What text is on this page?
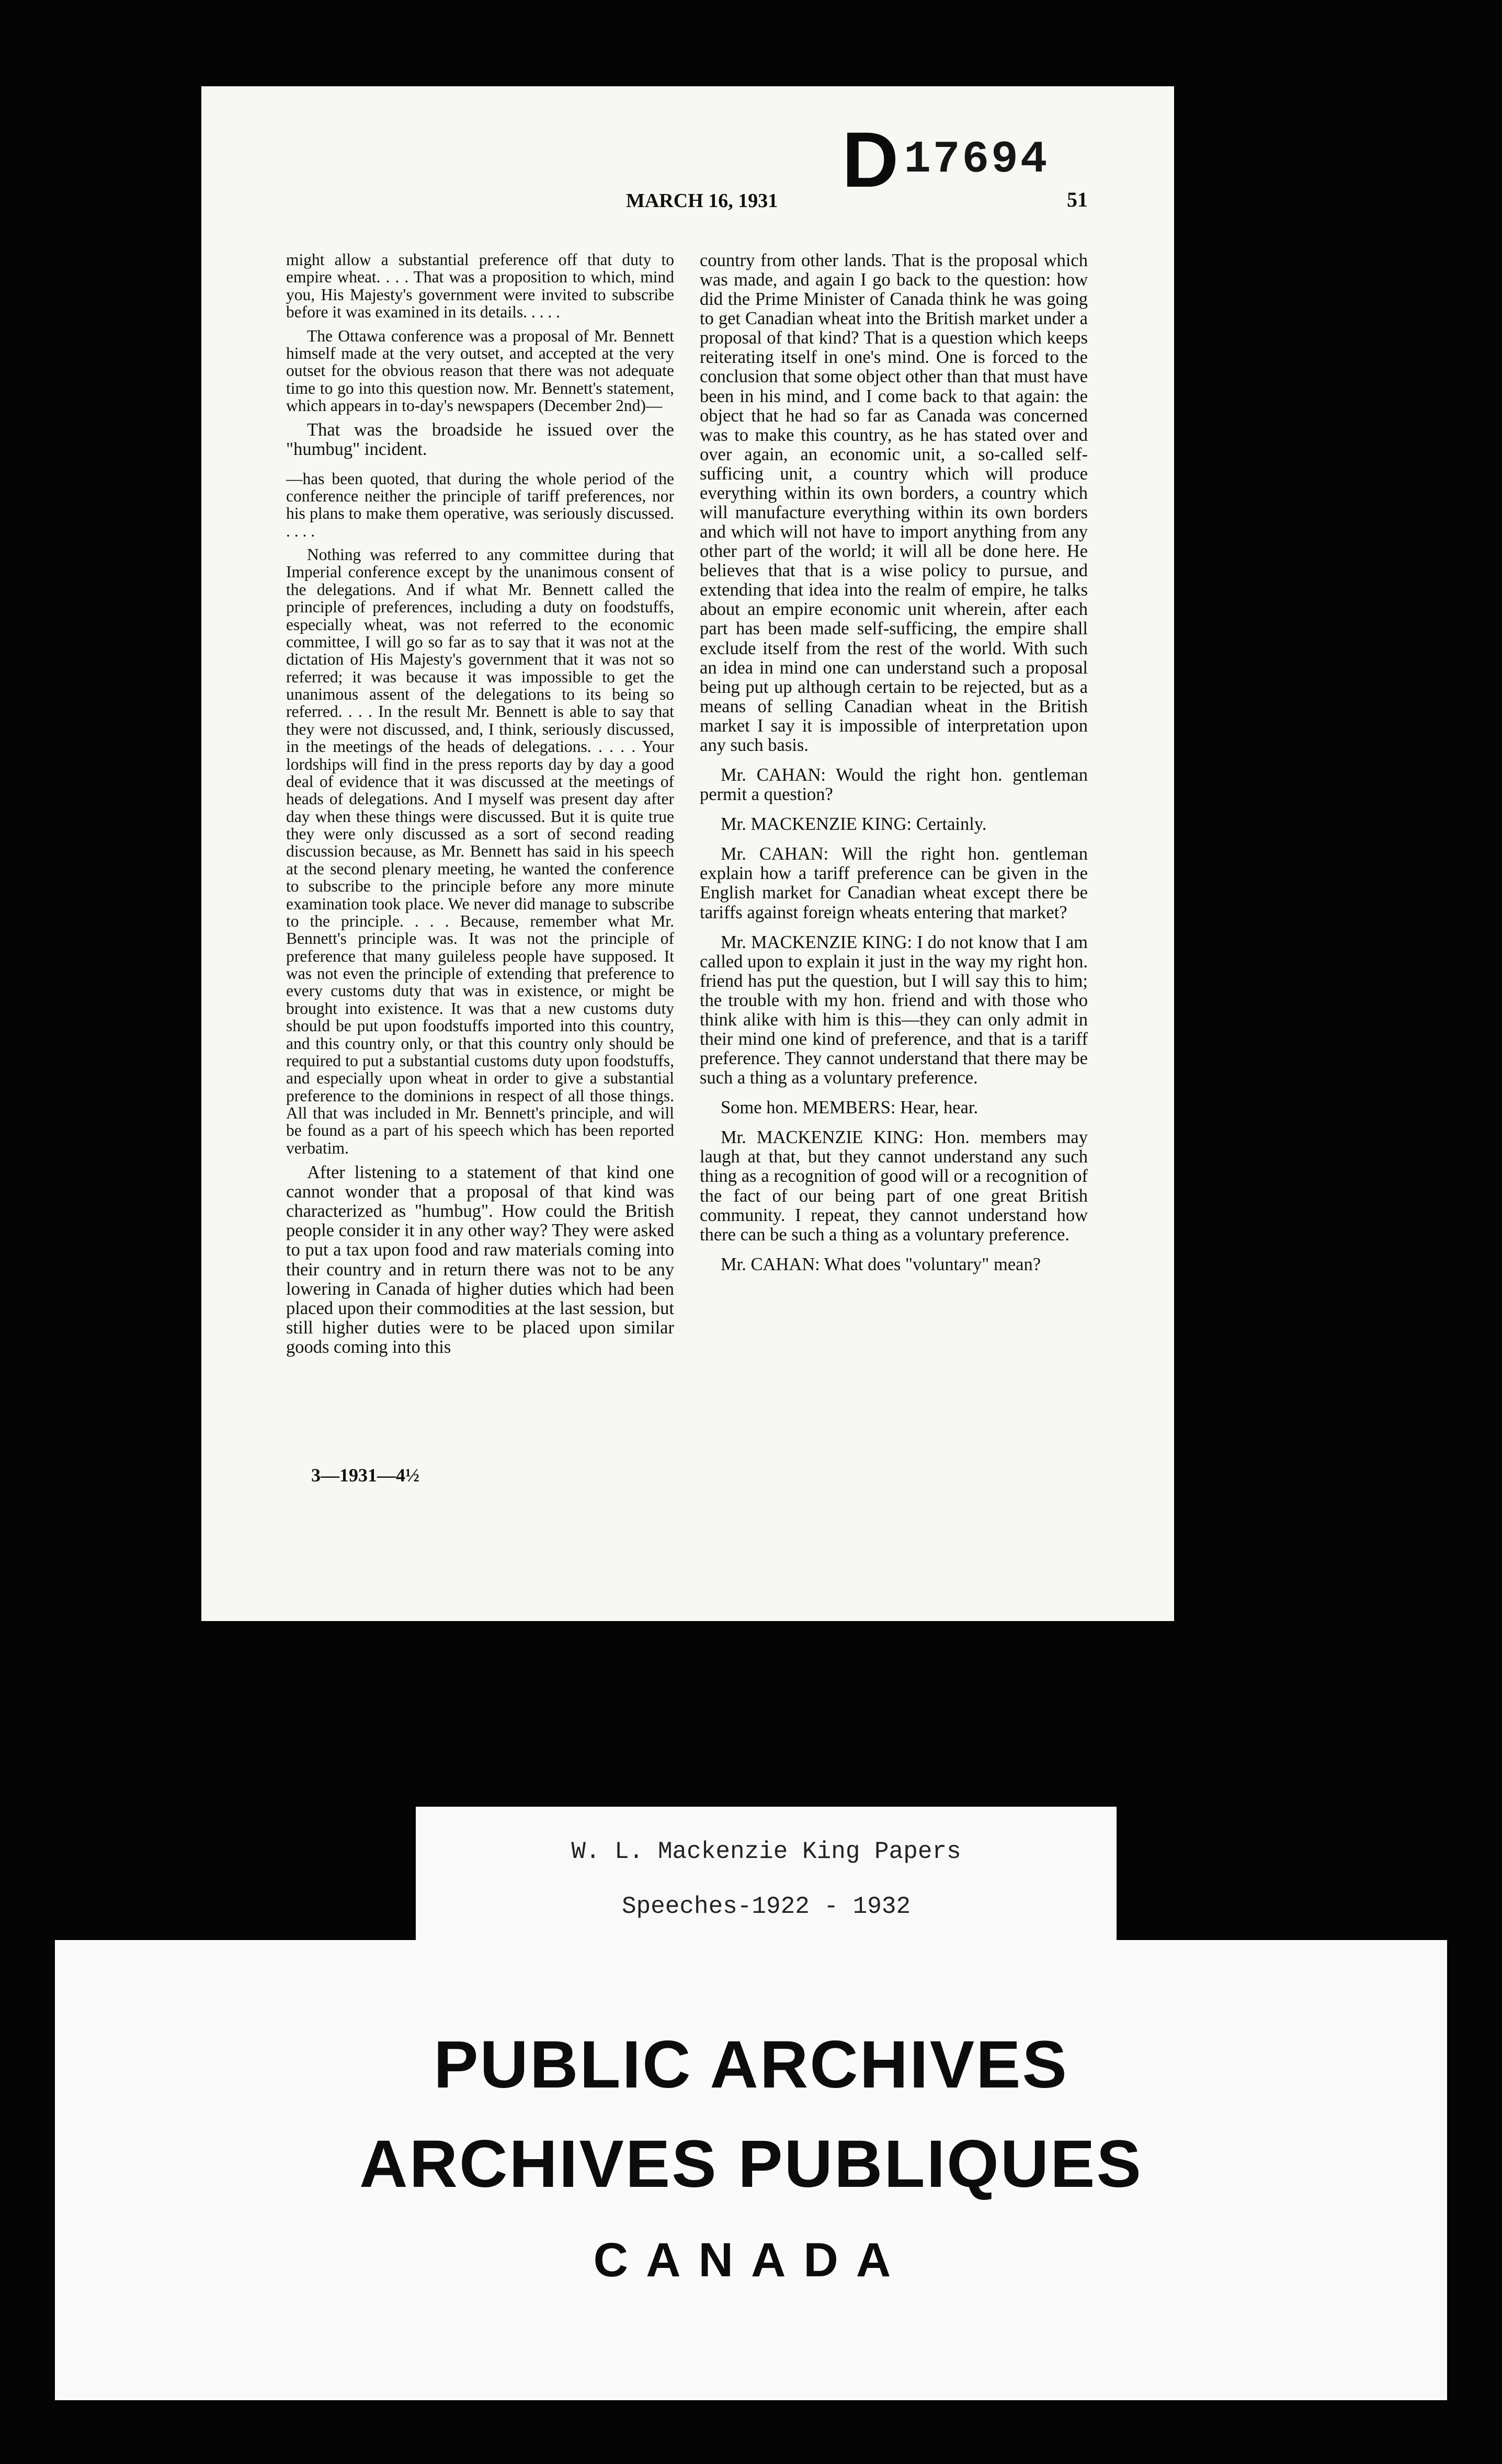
D 17694
MARCH 16, 1931	51

might allow a substantial preference off that duty to empire wheat. . . . That was a proposition to which, mind you, His Majesty's government were invited to subscribe before it was examined in its details. . . . .

The Ottawa conference was a proposal of Mr. Bennett himself made at the very outset, and accepted at the very outset for the obvious reason that there was not adequate time to go into this question now. Mr. Bennett's statement, which appears in to-day's newspapers (December 2nd)—

That was the broadside he issued over the "humbug" incident.

—has been quoted, that during the whole period of the conference neither the principle of tariff preferences, nor his plans to make them operative, was seriously discussed. . . . .

Nothing was referred to any committee during that Imperial conference except by the unanimous consent of the delegations. And if what Mr. Bennett called the principle of preferences, including a duty on foodstuffs, especially wheat, was not referred to the economic committee, I will go so far as to say that it was not at the dictation of His Majesty's government that it was not so referred; it was because it was impossible to get the unanimous assent of the delegations to its being so referred. . . . In the result Mr. Bennett is able to say that they were not discussed, and, I think, seriously discussed, in the meetings of the heads of delegations. . . . . Your lordships will find in the press reports day by day a good deal of evidence that it was discussed at the meetings of heads of delegations. And I myself was present day after day when these things were discussed. But it is quite true they were only discussed as a sort of second reading discussion because, as Mr. Bennett has said in his speech at the second plenary meeting, he wanted the conference to subscribe to the principle before any more minute examination took place. We never did manage to subscribe to the principle. . . . Because, remember what Mr. Bennett's principle was. It was not the principle of preference that many guileless people have supposed. It was not even the principle of extending that preference to every customs duty that was in existence, or might be brought into existence. It was that a new customs duty should be put upon foodstuffs imported into this country, and this country only, or that this country only should be required to put a substantial customs duty upon foodstuffs, and especially upon wheat in order to give a substantial preference to the dominions in respect of all those things. All that was included in Mr. Bennett's principle, and will be found as a part of his speech which has been reported verbatim.

After listening to a statement of that kind one cannot wonder that a proposal of that kind was characterized as "humbug". How could the British people consider it in any other way? They were asked to put a tax upon food and raw materials coming into their country and in return there was not to be any lowering in Canada of higher duties which had been placed upon their commodities at the last session, but still higher duties were to be placed upon similar goods coming into this

country from other lands. That is the proposal which was made, and again I go back to the question: how did the Prime Minister of Canada think he was going to get Canadian wheat into the British market under a proposal of that kind? That is a question which keeps reiterating itself in one's mind. One is forced to the conclusion that some object other than that must have been in his mind, and I come back to that again: the object that he had so far as Canada was concerned was to make this country, as he has stated over and over again, an economic unit, a so-called self-sufficing unit, a country which will produce everything within its own borders, a country which will manufacture everything within its own borders and which will not have to import anything from any other part of the world; it will all be done here. He believes that that is a wise policy to pursue, and extending that idea into the realm of empire, he talks about an empire economic unit wherein, after each part has been made self-sufficing, the empire shall exclude itself from the rest of the world. With such an idea in mind one can understand such a proposal being put up although certain to be rejected, but as a means of selling Canadian wheat in the British market I say it is impossible of interpretation upon any such basis.

Mr. CAHAN: Would the right hon. gentleman permit a question?

Mr. MACKENZIE KING: Certainly.

Mr. CAHAN: Will the right hon. gentleman explain how a tariff preference can be given in the English market for Canadian wheat except there be tariffs against foreign wheats entering that market?

Mr. MACKENZIE KING: I do not know that I am called upon to explain it just in the way my right hon. friend has put the question, but I will say this to him; the trouble with my hon. friend and with those who think alike with him is this—they can only admit in their mind one kind of preference, and that is a tariff preference. They cannot understand that there may be such a thing as a voluntary preference.

Some hon. MEMBERS: Hear, hear.

Mr. MACKENZIE KING: Hon. members may laugh at that, but they cannot understand any such thing as a recognition of good will or a recognition of the fact of our being part of one great British community. I repeat, they cannot understand how there can be such a thing as a voluntary preference.

Mr. CAHAN: What does "voluntary" mean?

3—1931—4½
W. L. Mackenzie King Papers
Speeches-1922 - 1932
PUBLIC ARCHIVES
ARCHIVES PUBLIQUES
CANADA
